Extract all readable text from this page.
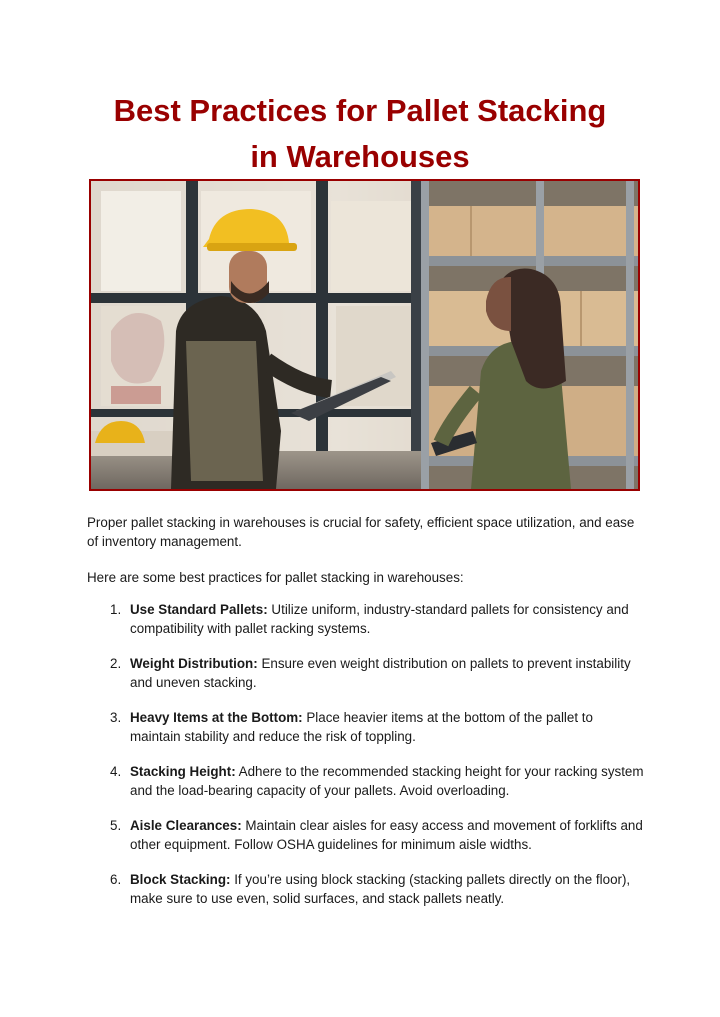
Best Practices for Pallet Stacking
in Warehouses

Proper pallet stacking in warehouses is crucial for safety, efficient space utilization, and ease of inventory management.

Here are some best practices for pallet stacking in warehouses:

1. Use Standard Pallets: Utilize uniform, industry-standard pallets for consistency and compatibility with pallet racking systems.
2. Weight Distribution: Ensure even weight distribution on pallets to prevent instability and uneven stacking.
3. Heavy Items at the Bottom: Place heavier items at the bottom of the pallet to maintain stability and reduce the risk of toppling.
4. Stacking Height: Adhere to the recommended stacking height for your racking system and the load-bearing capacity of your pallets. Avoid overloading.
5. Aisle Clearances: Maintain clear aisles for easy access and movement of forklifts and other equipment. Follow OSHA guidelines for minimum aisle widths.
6. Block Stacking: If you’re using block stacking (stacking pallets directly on the floor), make sure to use even, solid surfaces, and stack pallets neatly.
